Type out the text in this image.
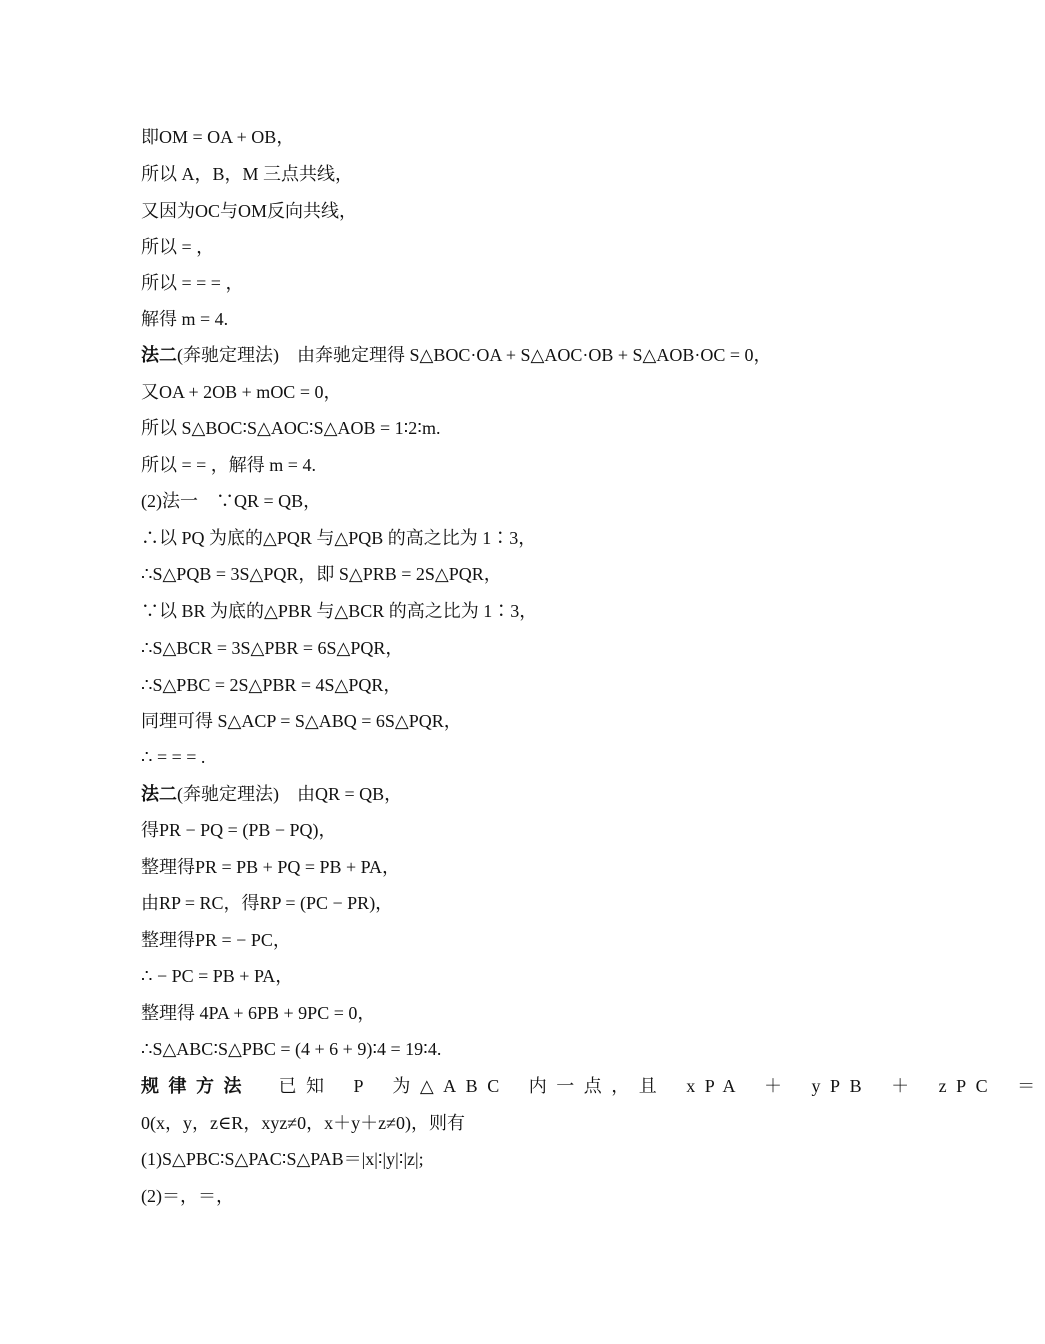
即OM = OA + OB，
所以 A，B，M 三点共线，
又因为OC与OM反向共线，
所以 = ，
所以 = = = ，
解得 m = 4.
法二(奔驰定理法)　由奔驰定理得 S△BOC·OA + S△AOC·OB + S△AOB·OC = 0，
又OA + 2OB + mOC = 0，
所以 S△BOC∶S△AOC∶S△AOB = 1∶2∶m.
所以 = = ，解得 m = 4.
(2)法一　∵QR = QB，
∴以 PQ 为底的△PQR 与△PQB 的高之比为 1∶3，
∴S△PQB = 3S△PQR，即 S△PRB = 2S△PQR，
∵以 BR 为底的△PBR 与△BCR 的高之比为 1∶3，
∴S△BCR = 3S△PBR = 6S△PQR，
∴S△PBC = 2S△PBR = 4S△PQR，
同理可得 S△ACP = S△ABQ = 6S△PQR，
∴ = = = .
法二(奔驰定理法)　由QR = QB，
得PR − PQ = (PB − PQ)，
整理得PR = PB + PQ = PB + PA，
由RP = RC，得RP = (PC − PR)，
整理得PR = − PC，
∴ − PC = PB + PA，
整理得 4PA + 6PB + 9PC = 0，
∴S△ABC∶S△PBC = (4 + 6 + 9)∶4 = 19∶4.
规律方法　 已知 P 为△ABC 内一点，且 xPA ＋ yPB ＋ zPC ＝
0(x，y，z∈R，xyz≠0，x＋y＋z≠0)，则有
(1)S△PBC∶S△PAC∶S△PAB＝|x|∶|y|∶|z|;
(2)＝，＝，
